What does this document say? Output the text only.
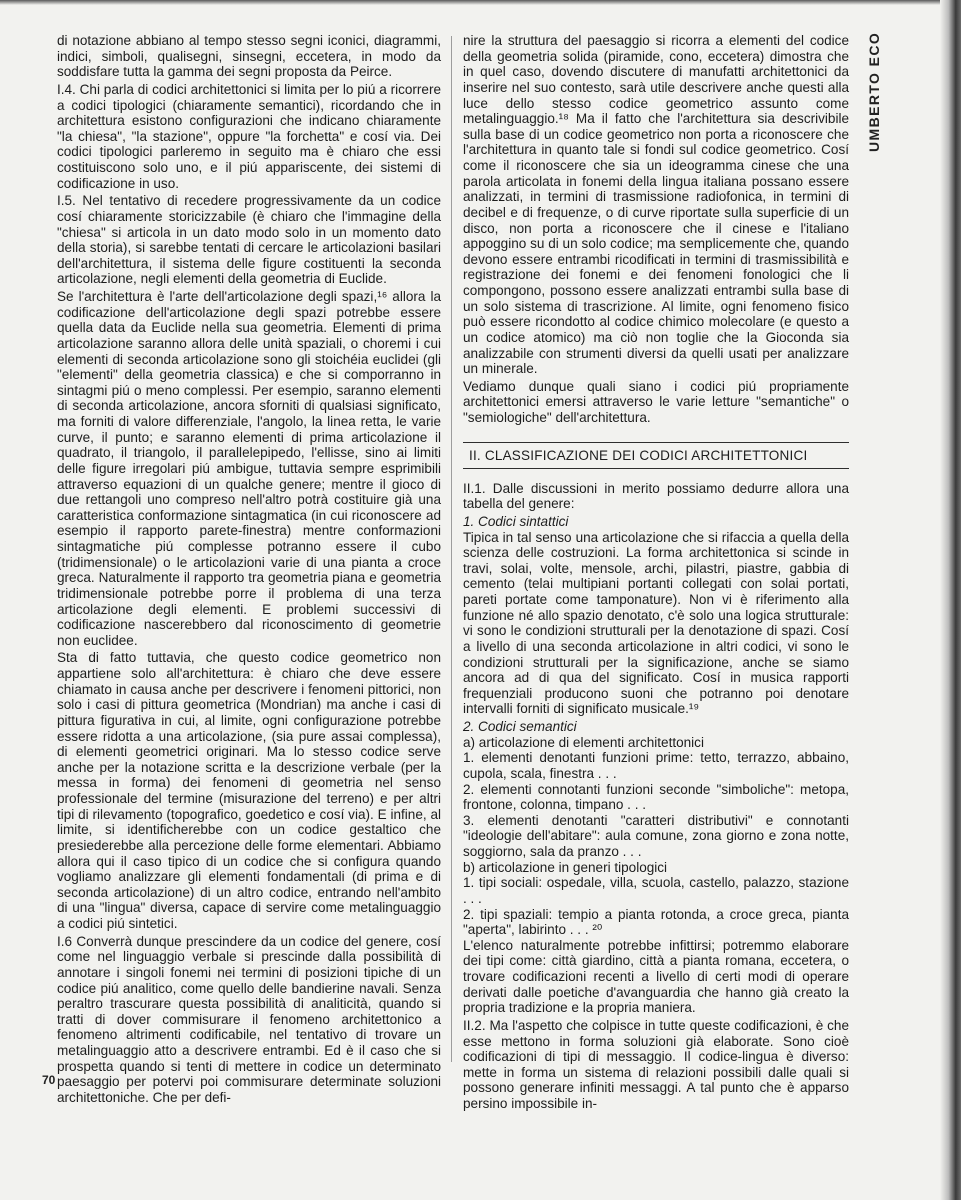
di notazione abbiano al tempo stesso segni iconici, diagrammi, indici, simboli, qualisegni, sinsegni, eccetera, in modo da soddisfare tutta la gamma dei segni proposta da Peirce.

I.4. Chi parla di codici architettonici si limita per lo piú a ricorrere a codici tipologici (chiaramente semantici), ricordando che in architettura esistono configurazioni che indicano chiaramente "la chiesa", "la stazione", oppure "la forchetta" e cosí via. Dei codici tipologici parleremo in seguito ma è chiaro che essi costituiscono solo uno, e il piú appariscente, dei sistemi di codificazione in uso.

I.5. Nel tentativo di recedere progressivamente da un codice cosí chiaramente storicizzabile (è chiaro che l'immagine della "chiesa" si articola in un dato modo solo in un momento dato della storia), si sarebbe tentati di cercare le articolazioni basilari dell'architettura, il sistema delle figure costituenti la seconda articolazione, negli elementi della geometria di Euclide.

Se l'architettura è l'arte dell'articolazione degli spazi,¹⁶ allora la codificazione dell'articolazione degli spazi potrebbe essere quella data da Euclide nella sua geometria. Elementi di prima articolazione saranno allora delle unità spaziali, o choremi i cui elementi di seconda articolazione sono gli stoichéia euclidei (gli "elementi" della geometria classica) e che si comporranno in sintagmi piú o meno complessi. Per esempio, saranno elementi di seconda articolazione, ancora sforniti di qualsiasi significato, ma forniti di valore differenziale, l'angolo, la linea retta, le varie curve, il punto; e saranno elementi di prima articolazione il quadrato, il triangolo, il parallelepipedo, l'ellisse, sino ai limiti delle figure irregolari piú ambigue, tuttavia sempre esprimibili attraverso equazioni di un qualche genere; mentre il gioco di due rettangoli uno compreso nell'altro potrà costituire già una caratteristica conformazione sintagmatica (in cui riconoscere ad esempio il rapporto parete-finestra) mentre conformazioni sintagmatiche piú complesse potranno essere il cubo (tridimensionale) o le articolazioni varie di una pianta a croce greca. Naturalmente il rapporto tra geometria piana e geometria tridimensionale potrebbe porre il problema di una terza articolazione degli elementi. E problemi successivi di codificazione nascerebbero dal riconoscimento di geometrie non euclidee.

Sta di fatto tuttavia, che questo codice geometrico non appartiene solo all'architettura: è chiaro che deve essere chiamato in causa anche per descrivere i fenomeni pittorici, non solo i casi di pittura geometrica (Mondrian) ma anche i casi di pittura figurativa in cui, al limite, ogni configurazione potrebbe essere ridotta a una articolazione, (sia pure assai complessa), di elementi geometrici originari. Ma lo stesso codice serve anche per la notazione scritta e la descrizione verbale (per la messa in forma) dei fenomeni di geometria nel senso professionale del termine (misurazione del terreno) e per altri tipi di rilevamento (topografico, goedetico e cosí via). E infine, al limite, si identificherebbe con un codice gestaltico che presiederebbe alla percezione delle forme elementari. Abbiamo allora qui il caso tipico di un codice che si configura quando vogliamo analizzare gli elementi fondamentali (di prima e di seconda articolazione) di un altro codice, entrando nell'ambito di una "lingua" diversa, capace di servire come metalinguaggio a codici piú sintetici.

I.6 Converrà dunque prescindere da un codice del genere, cosí come nel linguaggio verbale si prescinde dalla possibilità di annotare i singoli fonemi nei termini di posizioni tipiche di un codice piú analitico, come quello delle bandierine navali. Senza peraltro trascurare questa possibilità di analiticità, quando si tratti di dover commisurare il fenomeno architettonico a fenomeno altrimenti codificabile, nel tentativo di trovare un metalinguaggio atto a descrivere entrambi. Ed è il caso che si prospetta quando si tenti di mettere in codice un determinato paesaggio per potervi poi commisurare determinate soluzioni architettoniche. Che per defi-

nire la struttura del paesaggio si ricorra a elementi del codice della geometria solida (piramide, cono, eccetera) dimostra che in quel caso, dovendo discutere di manufatti architettonici da inserire nel suo contesto, sarà utile descrivere anche questi alla luce dello stesso codice geometrico assunto come metalinguaggio.¹⁸ Ma il fatto che l'architettura sia descrivibile sulla base di un codice geometrico non porta a riconoscere che l'architettura in quanto tale si fondi sul codice geometrico. Cosí come il riconoscere che sia un ideogramma cinese che una parola articolata in fonemi della lingua italiana possano essere analizzati, in termini di trasmissione radiofonica, in termini di decibel e di frequenze, o di curve riportate sulla superficie di un disco, non porta a riconoscere che il cinese e l'italiano appoggino su di un solo codice; ma semplicemente che, quando devono essere entrambi ricodificati in termini di trasmissibilità e registrazione dei fonemi e dei fenomeni fonologici che li compongono, possono essere analizzati entrambi sulla base di un solo sistema di trascrizione. Al limite, ogni fenomeno fisico può essere ricondotto al codice chimico molecolare (e questo a un codice atomico) ma ciò non toglie che la Gioconda sia analizzabile con strumenti diversi da quelli usati per analizzare un minerale.

Vediamo dunque quali siano i codici piú propriamente architettonici emersi attraverso le varie letture "semantiche" o "semiologiche" dell'architettura.

II. CLASSIFICAZIONE DEI CODICI ARCHITETTONICI

II.1. Dalle discussioni in merito possiamo dedurre allora una tabella del genere:

1. Codici sintattici

Tipica in tal senso una articolazione che si rifaccia a quella della scienza delle costruzioni. La forma architettonica si scinde in travi, solai, volte, mensole, archi, pilastri, piastre, gabbia di cemento (telai multipiani portanti collegati con solai portati, pareti portate come tamponature). Non vi è riferimento alla funzione né allo spazio denotato, c'è solo una logica strutturale: vi sono le condizioni strutturali per la denotazione di spazi. Cosí a livello di una seconda articolazione in altri codici, vi sono le condizioni strutturali per la significazione, anche se siamo ancora ad di qua del significato. Cosí in musica rapporti frequenziali producono suoni che potranno poi denotare intervalli forniti di significato musicale.¹⁹

2. Codici semantici

a) articolazione di elementi architettonici

1. elementi denotanti funzioni prime: tetto, terrazzo, abbaino, cupola, scala, finestra . . .

2. elementi connotanti funzioni seconde "simboliche": metopa, frontone, colonna, timpano . . .

3. elementi denotanti "caratteri distributivi" e connotanti "ideologie dell'abitare": aula comune, zona giorno e zona notte, soggiorno, sala da pranzo . . .

b) articolazione in generi tipologici

1. tipi sociali: ospedale, villa, scuola, castello, palazzo, stazione . . .

2. tipi spaziali: tempio a pianta rotonda, a croce greca, pianta "aperta", labirinto . . . ²⁰

L'elenco naturalmente potrebbe infittirsi; potremmo elaborare dei tipi come: città giardino, città a pianta romana, eccetera, o trovare codificazioni recenti a livello di certi modi di operare derivati dalle poetiche d'avanguardia che hanno già creato la propria tradizione e la propria maniera.

II.2. Ma l'aspetto che colpisce in tutte queste codificazioni, è che esse mettono in forma soluzioni già elaborate. Sono cioè codificazioni di tipi di messaggio. Il codice-lingua è diverso: mette in forma un sistema di relazioni possibili dalle quali si possono generare infiniti messaggi. A tal punto che è apparso persino impossibile in-

UMBERTO ECO
70
